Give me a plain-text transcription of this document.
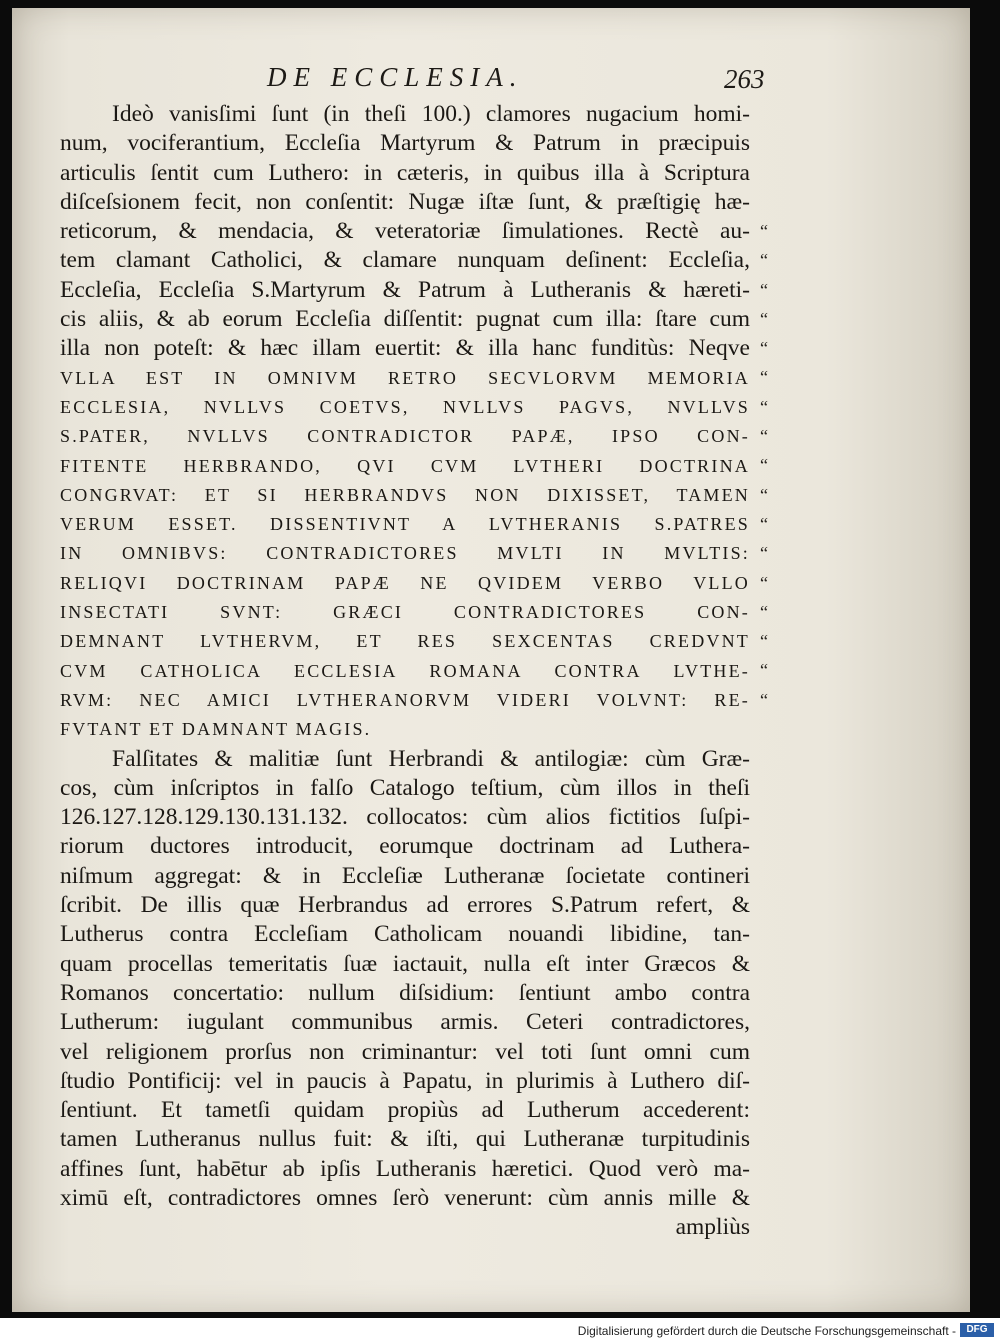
DE ECCLESIA.	263
Ideò vanisſimi ſunt (in theſi 100.) clamores nugacium homi-
num, vociferantium, Eccleſia Martyrum & Patrum in præcipuis
articulis ſentit cum Luthero: in cæteris, in quibus illa à Scriptura
diſceſsionem fecit, non conſentit: Nugæ iſtæ ſunt, & præſtigię hæ-
reticorum, & mendacia, & veteratoriæ ſimulationes. Rectè au-
tem clamant Catholici, & clamare nunquam deſinent: Eccleſia,
Eccleſia, Eccleſia S.Martyrum & Patrum à Lutheranis & hæreti-
cis aliis, & ab eorum Eccleſia diſſentit: pugnat cum illa: ſtare cum
illa non poteſt: & hæc illam euertit: & illa hanc funditùs: Neqve
VLLA EST IN OMNIVM RETRO SECVLORVM MEMORIA
ECCLESIA, NVLLVS COETVS, NVLLVS PAGVS, NVLLVS
S.PATER, NVLLVS CONTRADICTOR PAPÆ, IPSO CON-
FITENTE HERBRANDO, QVI CVM LVTHERI DOCTRINA
CONGRVAT: ET SI HERBRANDVS NON DIXISSET, TAMEN
VERUM ESSET. DISSENTIVNT A LVTHERANIS S.PATRES
IN OMNIBVS: CONTRADICTORES MVLTI IN MVLTIS:
RELIQVI DOCTRINAM PAPÆ NE QVIDEM VERBO VLLO
INSECTATI SVNT: GRÆCI CONTRADICTORES CON-
DEMNANT LVTHERVM, ET RES SEXCENTAS CREDVNT
CVM CATHOLICA ECCLESIA ROMANA CONTRA LVTHE-
RVM: NEC AMICI LVTHERANORVM VIDERI VOLVNT: RE-
FVTANT ET DAMNANT MAGIS.
Falſitates & malitiæ ſunt Herbrandi & antilogiæ: cùm Græ-
cos, cùm inſcriptos in falſo Catalogo teſtium, cùm illos in theſi
126.127.128.129.130.131.132. collocatos: cùm alios fictitios ſuſpi-
riorum ductores introducit, eorumque doctrinam ad Luthera-
niſmum aggregat: & in Eccleſiæ Lutheranæ ſocietate contineri
ſcribit. De illis quæ Herbrandus ad errores S.Patrum refert, &
Lutherus contra Eccleſiam Catholicam nouandi libidine, tan-
quam procellas temeritatis ſuæ iactauit, nulla eſt inter Græcos &
Romanos concertatio: nullum diſsidium: ſentiunt ambo contra
Lutherum: iugulant communibus armis. Ceteri contradictores,
vel religionem prorſus non criminantur: vel toti ſunt omni cum
ſtudio Pontificij: vel in paucis à Papatu, in plurimis à Luthero diſ-
ſentiunt. Et tametſi quidam propiùs ad Lutherum accederent:
tamen Lutheranus nullus fuit: & iſti, qui Lutheranæ turpitudinis
affines ſunt, habētur ab ipſis Lutheranis hæretici. Quod verò ma-
ximū eſt, contradictores omnes ſerò venerunt: cùm annis mille &
ampliùs
“
“
“
“
“
“
“
“
“
“
“
“
“
“
“
“
“
Digitalisierung gefördert durch die Deutsche Forschungsgemeinschaft -	DFG
